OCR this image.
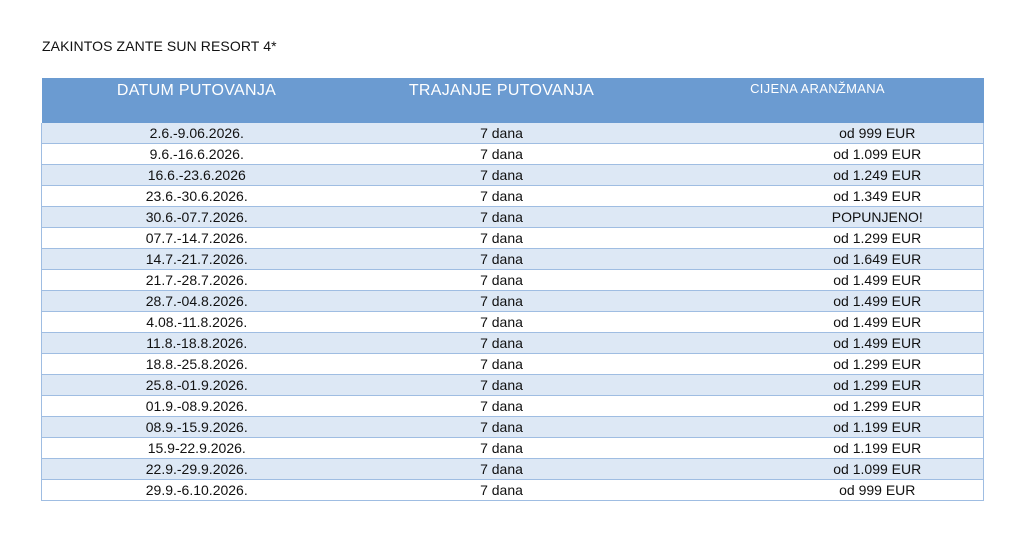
ZAKINTOS ZANTE SUN RESORT 4*
DATUM PUTOVANJA	TRAJANJE PUTOVANJA	CIJENA ARANŽMANA

2.6.-9.06.2026.	7 dana	od 999 EUR
9.6.-16.6.2026.	7 dana	od 1.099 EUR
16.6.-23.6.2026	7 dana	od 1.249 EUR
23.6.-30.6.2026.	7 dana	od 1.349 EUR
30.6.-07.7.2026.	7 dana	POPUNJENO!
07.7.-14.7.2026.	7 dana	od 1.299 EUR
14.7.-21.7.2026.	7 dana	od 1.649 EUR
21.7.-28.7.2026.	7 dana	od 1.499 EUR
28.7.-04.8.2026.	7 dana	od 1.499 EUR
4.08.-11.8.2026.	7 dana	od 1.499 EUR
11.8.-18.8.2026.	7 dana	od 1.499 EUR
18.8.-25.8.2026.	7 dana	od 1.299 EUR
25.8.-01.9.2026.	7 dana	od 1.299 EUR
01.9.-08.9.2026.	7 dana	od 1.299 EUR
08.9.-15.9.2026.	7 dana	od 1.199 EUR
15.9-22.9.2026.	7 dana	od 1.199 EUR
22.9.-29.9.2026.	7 dana	od 1.099 EUR
29.9.-6.10.2026.	7 dana	od 999 EUR
